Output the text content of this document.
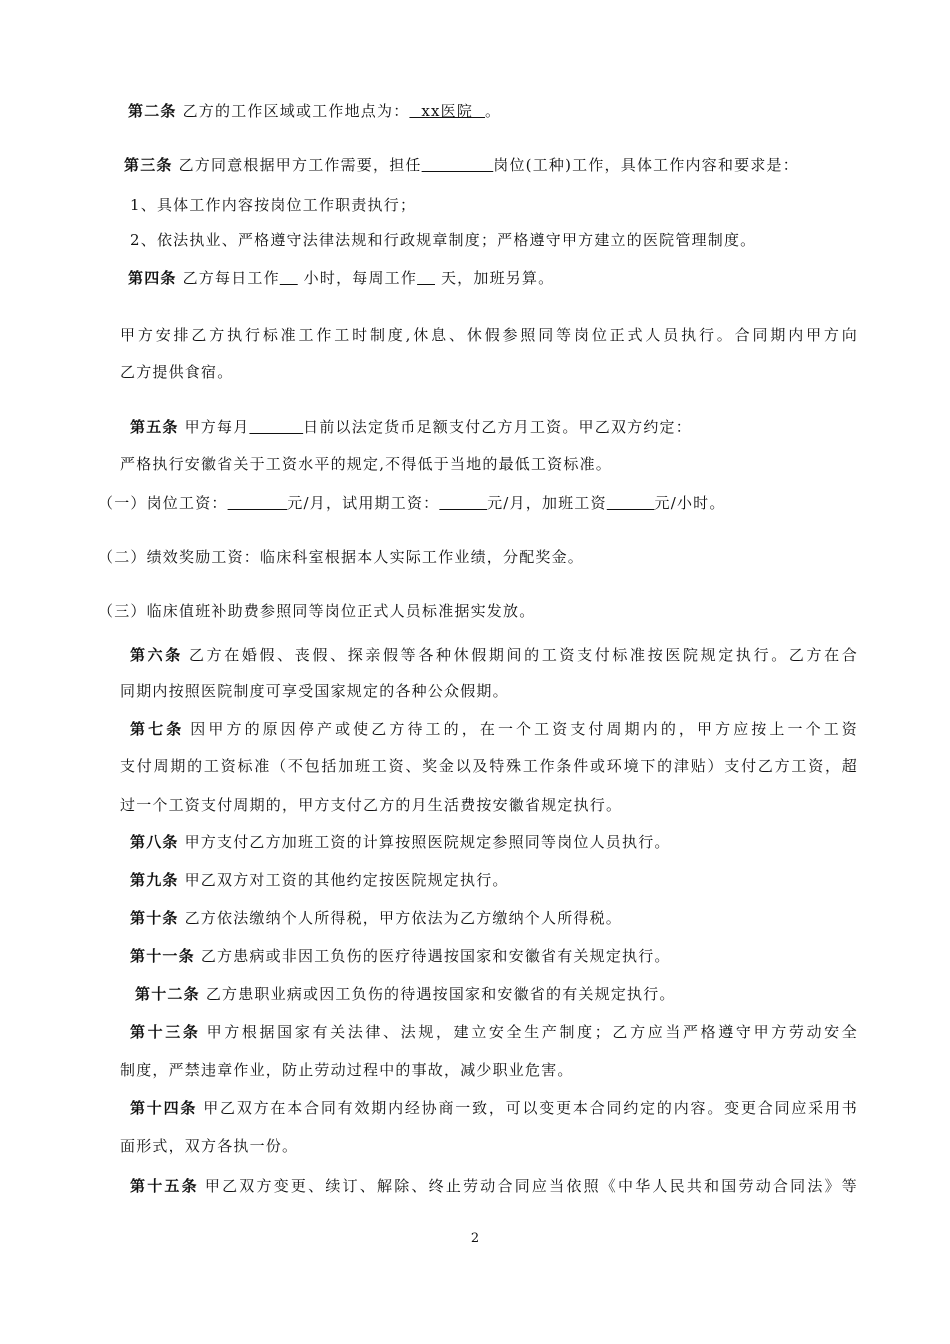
第二条 乙方的工作区域或工作地点为：  xx医院  。
第三条 乙方同意根据甲方工作需要，担任	岗位(工种)工作，具体工作内容和要求是：
1、具体工作内容按岗位工作职责执行；
2、依法执业、严格遵守法律法规和行政规章制度；严格遵守甲方建立的医院管理制度。
第四条 乙方每日工作    小时，每周工作    天，加班另算。
甲方安排乙方执行标准工作工时制度,休息、休假参照同等岗位正式人员执行。合同期内甲方向
乙方提供食宿。
第五条 甲方每月	日前以法定货币足额支付乙方月工资。甲乙双方约定：
严格执行安徽省关于工资水平的规定,不得低于当地的最低工资标准。
（一）岗位工资：	元/月，试用期工资：	元/月，加班工资	元/小时。
（二）绩效奖励工资：临床科室根据本人实际工作业绩，分配奖金。
（三）临床值班补助费参照同等岗位正式人员标准据实发放。
第六条 乙方在婚假、丧假、探亲假等各种休假期间的工资支付标准按医院规定执行。乙方在合
同期内按照医院制度可享受国家规定的各种公众假期。
第七条 因甲方的原因停产或使乙方待工的，在一个工资支付周期内的，甲方应按上一个工资
支付周期的工资标准（不包括加班工资、奖金以及特殊工作条件或环境下的津贴）支付乙方工资，超
过一个工资支付周期的，甲方支付乙方的月生活费按安徽省规定执行。
第八条 甲方支付乙方加班工资的计算按照医院规定参照同等岗位人员执行。
第九条 甲乙双方对工资的其他约定按医院规定执行。
第十条 乙方依法缴纳个人所得税，甲方依法为乙方缴纳个人所得税。
第十一条 乙方患病或非因工负伤的医疗待遇按国家和安徽省有关规定执行。
第十二条 乙方患职业病或因工负伤的待遇按国家和安徽省的有关规定执行。
第十三条 甲方根据国家有关法律、法规，建立安全生产制度；乙方应当严格遵守甲方劳动安全
制度，严禁违章作业，防止劳动过程中的事故，减少职业危害。
第十四条 甲乙双方在本合同有效期内经协商一致，可以变更本合同约定的内容。变更合同应采用书
面形式，双方各执一份。
第十五条 甲乙双方变更、续订、解除、终止劳动合同应当依照《中华人民共和国劳动合同法》等
2
